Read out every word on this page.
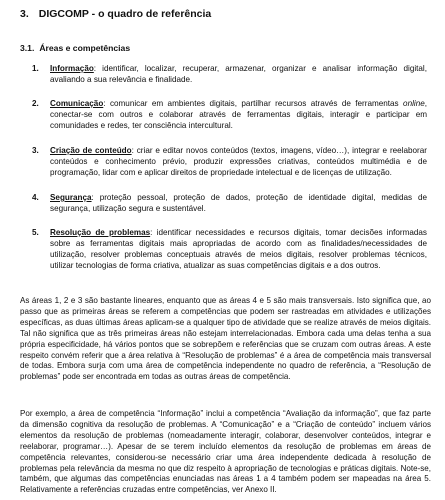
3. DIGCOMP - o quadro de referência
3.1. Áreas e competências
1. Informação: identificar, localizar, recuperar, armazenar, organizar e analisar informação digital, avaliando a sua relevância e finalidade.
2. Comunicação: comunicar em ambientes digitais, partilhar recursos através de ferramentas online, conectar-se com outros e colaborar através de ferramentas digitais, interagir e participar em comunidades e redes, ter consciência intercultural.
3. Criação de conteúdo: criar e editar novos conteúdos (textos, imagens, vídeo…), integrar e reelaborar conteúdos e conhecimento prévio, produzir expressões criativas, conteúdos multimédia e de programação, lidar com e aplicar direitos de propriedade intelectual e de licenças de utilização.
4. Segurança: proteção pessoal, proteção de dados, proteção de identidade digital, medidas de segurança, utilização segura e sustentável.
5. Resolução de problemas: identificar necessidades e recursos digitais, tomar decisões informadas sobre as ferramentas digitais mais apropriadas de acordo com as finalidades/necessidades de utilização, resolver problemas conceptuais através de meios digitais, resolver problemas técnicos, utilizar tecnologias de forma criativa, atualizar as suas competências digitais e a dos outros.

As áreas 1, 2 e 3 são bastante lineares, enquanto que as áreas 4 e 5 são mais transversais. Isto significa que, ao passo que as primeiras áreas se referem a competências que podem ser rastreadas em atividades e utilizações específicas, as duas últimas áreas aplicam-se a qualquer tipo de atividade que se realize através de meios digitais. Tal não significa que as três primeiras áreas não estejam interrelacionadas. Embora cada uma delas tenha a sua própria especificidade, há vários pontos que se sobrepõem e referências que se cruzam com outras áreas. A este respeito convém referir que a área relativa à “Resolução de problemas” é a área de competência mais transversal de todas. Embora surja com uma área de competência independente no quadro de referência, a “Resolução de problemas” pode ser encontrada em todas as outras áreas de competência.

Por exemplo, a área de competência “Informação” inclui a competência “Avaliação da informação”, que faz parte da dimensão cognitiva da resolução de problemas. A “Comunicação” e a “Criação de conteúdo” incluem vários elementos da resolução de problemas (nomeadamente interagir, colaborar, desenvolver conteúdos, integrar e reelaborar, programar…). Apesar de se terem incluído elementos da resolução de problemas em áreas de competência relevantes, considerou-se necessário criar uma área independente dedicada à resolução de problemas pela relevância da mesma no que diz respeito à apropriação de tecnologias e práticas digitais. Note-se, também, que algumas das competências enunciadas nas áreas 1 a 4 também podem ser mapeadas na área 5. Relativamente a referências cruzadas entre competências, ver Anexo II.
